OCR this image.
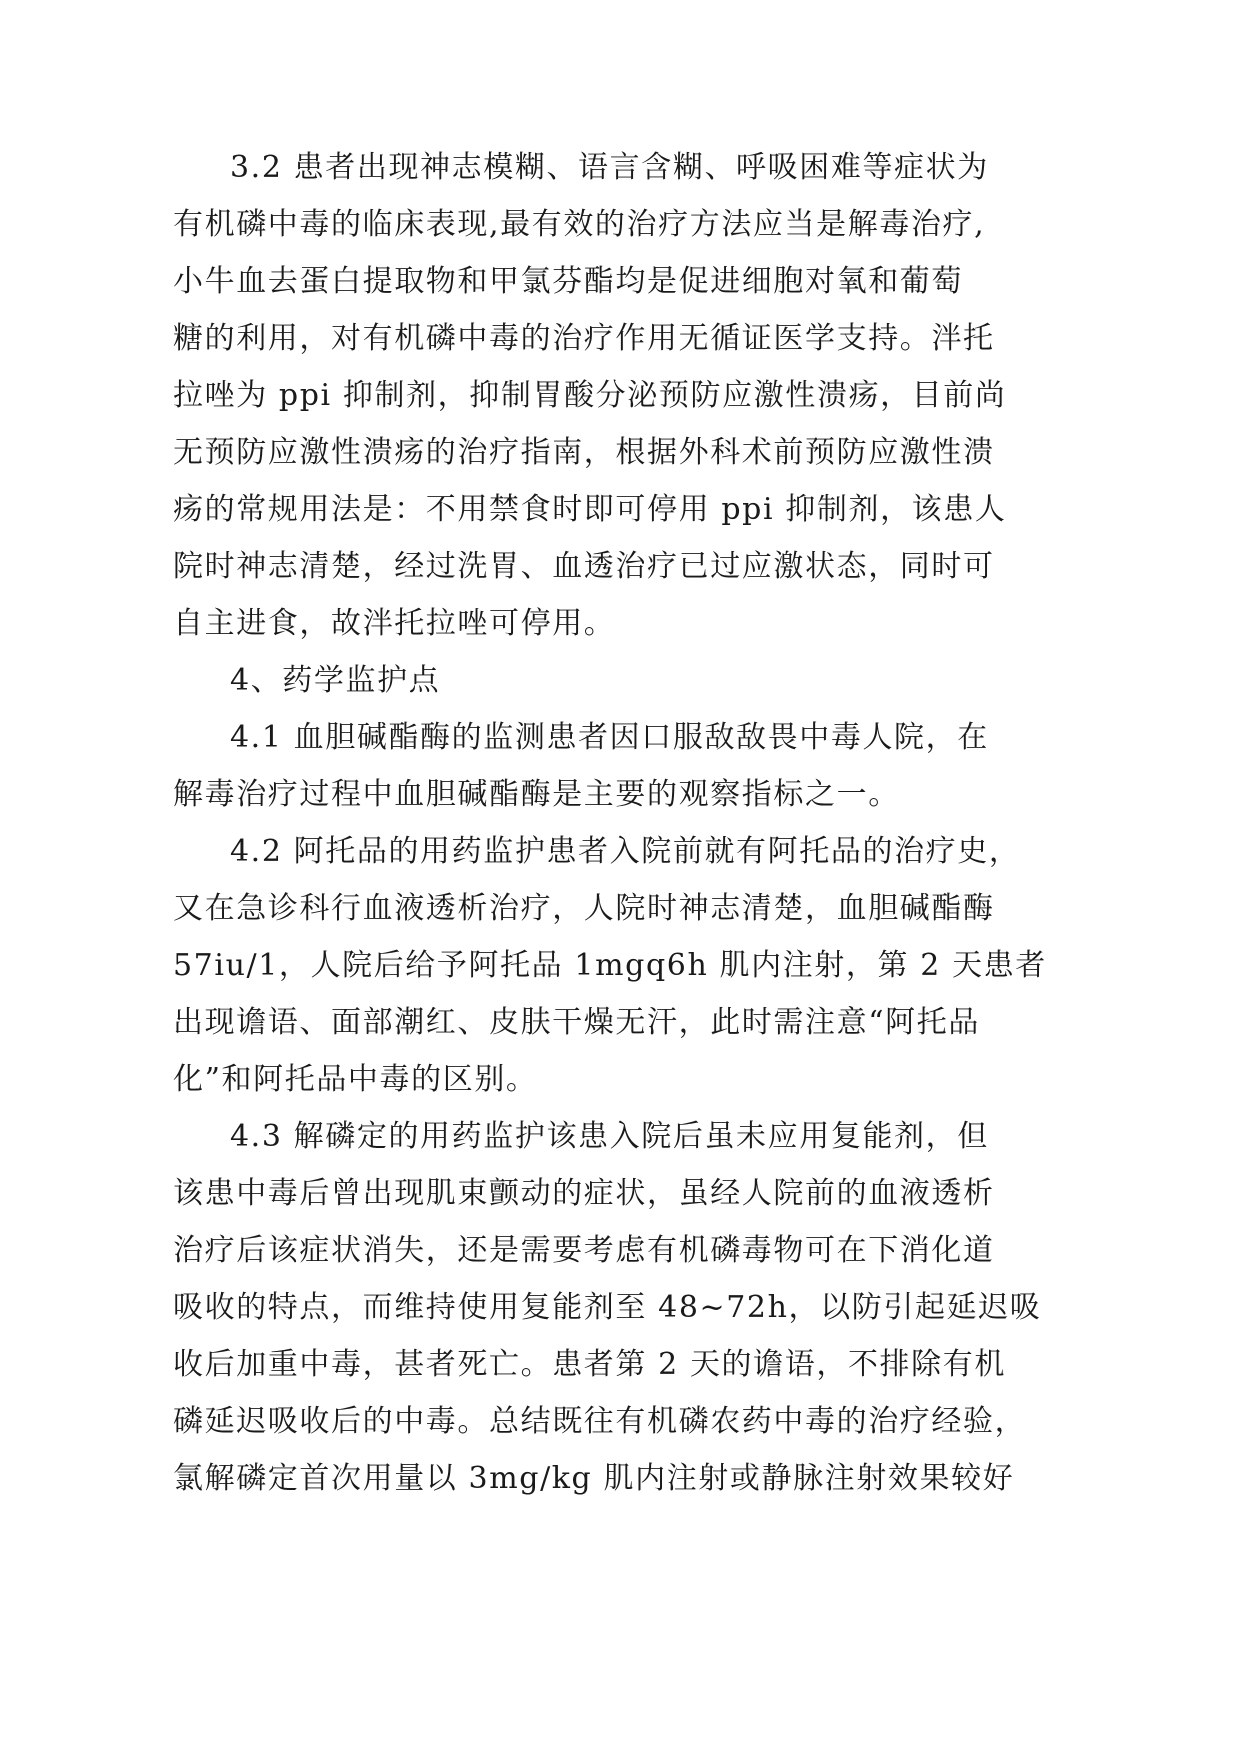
3.2 患者出现神志模糊、语言含糊、呼吸困难等症状为
有机磷中毒的临床表现,最有效的治疗方法应当是解毒治疗,
小牛血去蛋白提取物和甲氯芬酯均是促进细胞对氧和葡萄
糖的利用，对有机磷中毒的治疗作用无循证医学支持。泮托
拉唑为 ppi 抑制剂，抑制胃酸分泌预防应激性溃疡，目前尚
无预防应激性溃疡的治疗指南，根据外科术前预防应激性溃
疡的常规用法是：不用禁食时即可停用 ppi 抑制剂，该患人
院时神志清楚，经过洗胃、血透治疗已过应激状态，同时可
自主进食，故泮托拉唑可停用。
4、药学监护点
4.1 血胆碱酯酶的监测患者因口服敌敌畏中毒人院，在
解毒治疗过程中血胆碱酯酶是主要的观察指标之一。
4.2 阿托品的用药监护患者入院前就有阿托品的治疗史，
又在急诊科行血液透析治疗，人院时神志清楚，血胆碱酯酶
57iu/1，人院后给予阿托品 1mgq6h 肌内注射，第 2 天患者
出现谵语、面部潮红、皮肤干燥无汗，此时需注意“阿托品
化”和阿托品中毒的区别。
4.3 解磷定的用药监护该患入院后虽未应用复能剂，但
该患中毒后曾出现肌束颤动的症状，虽经人院前的血液透析
治疗后该症状消失，还是需要考虑有机磷毒物可在下消化道
吸收的特点，而维持使用复能剂至 48~72h，以防引起延迟吸
收后加重中毒，甚者死亡。患者第 2 天的谵语，不排除有机
磷延迟吸收后的中毒。总结既往有机磷农药中毒的治疗经验，
氯解磷定首次用量以 3mg/kg 肌内注射或静脉注射效果较好
